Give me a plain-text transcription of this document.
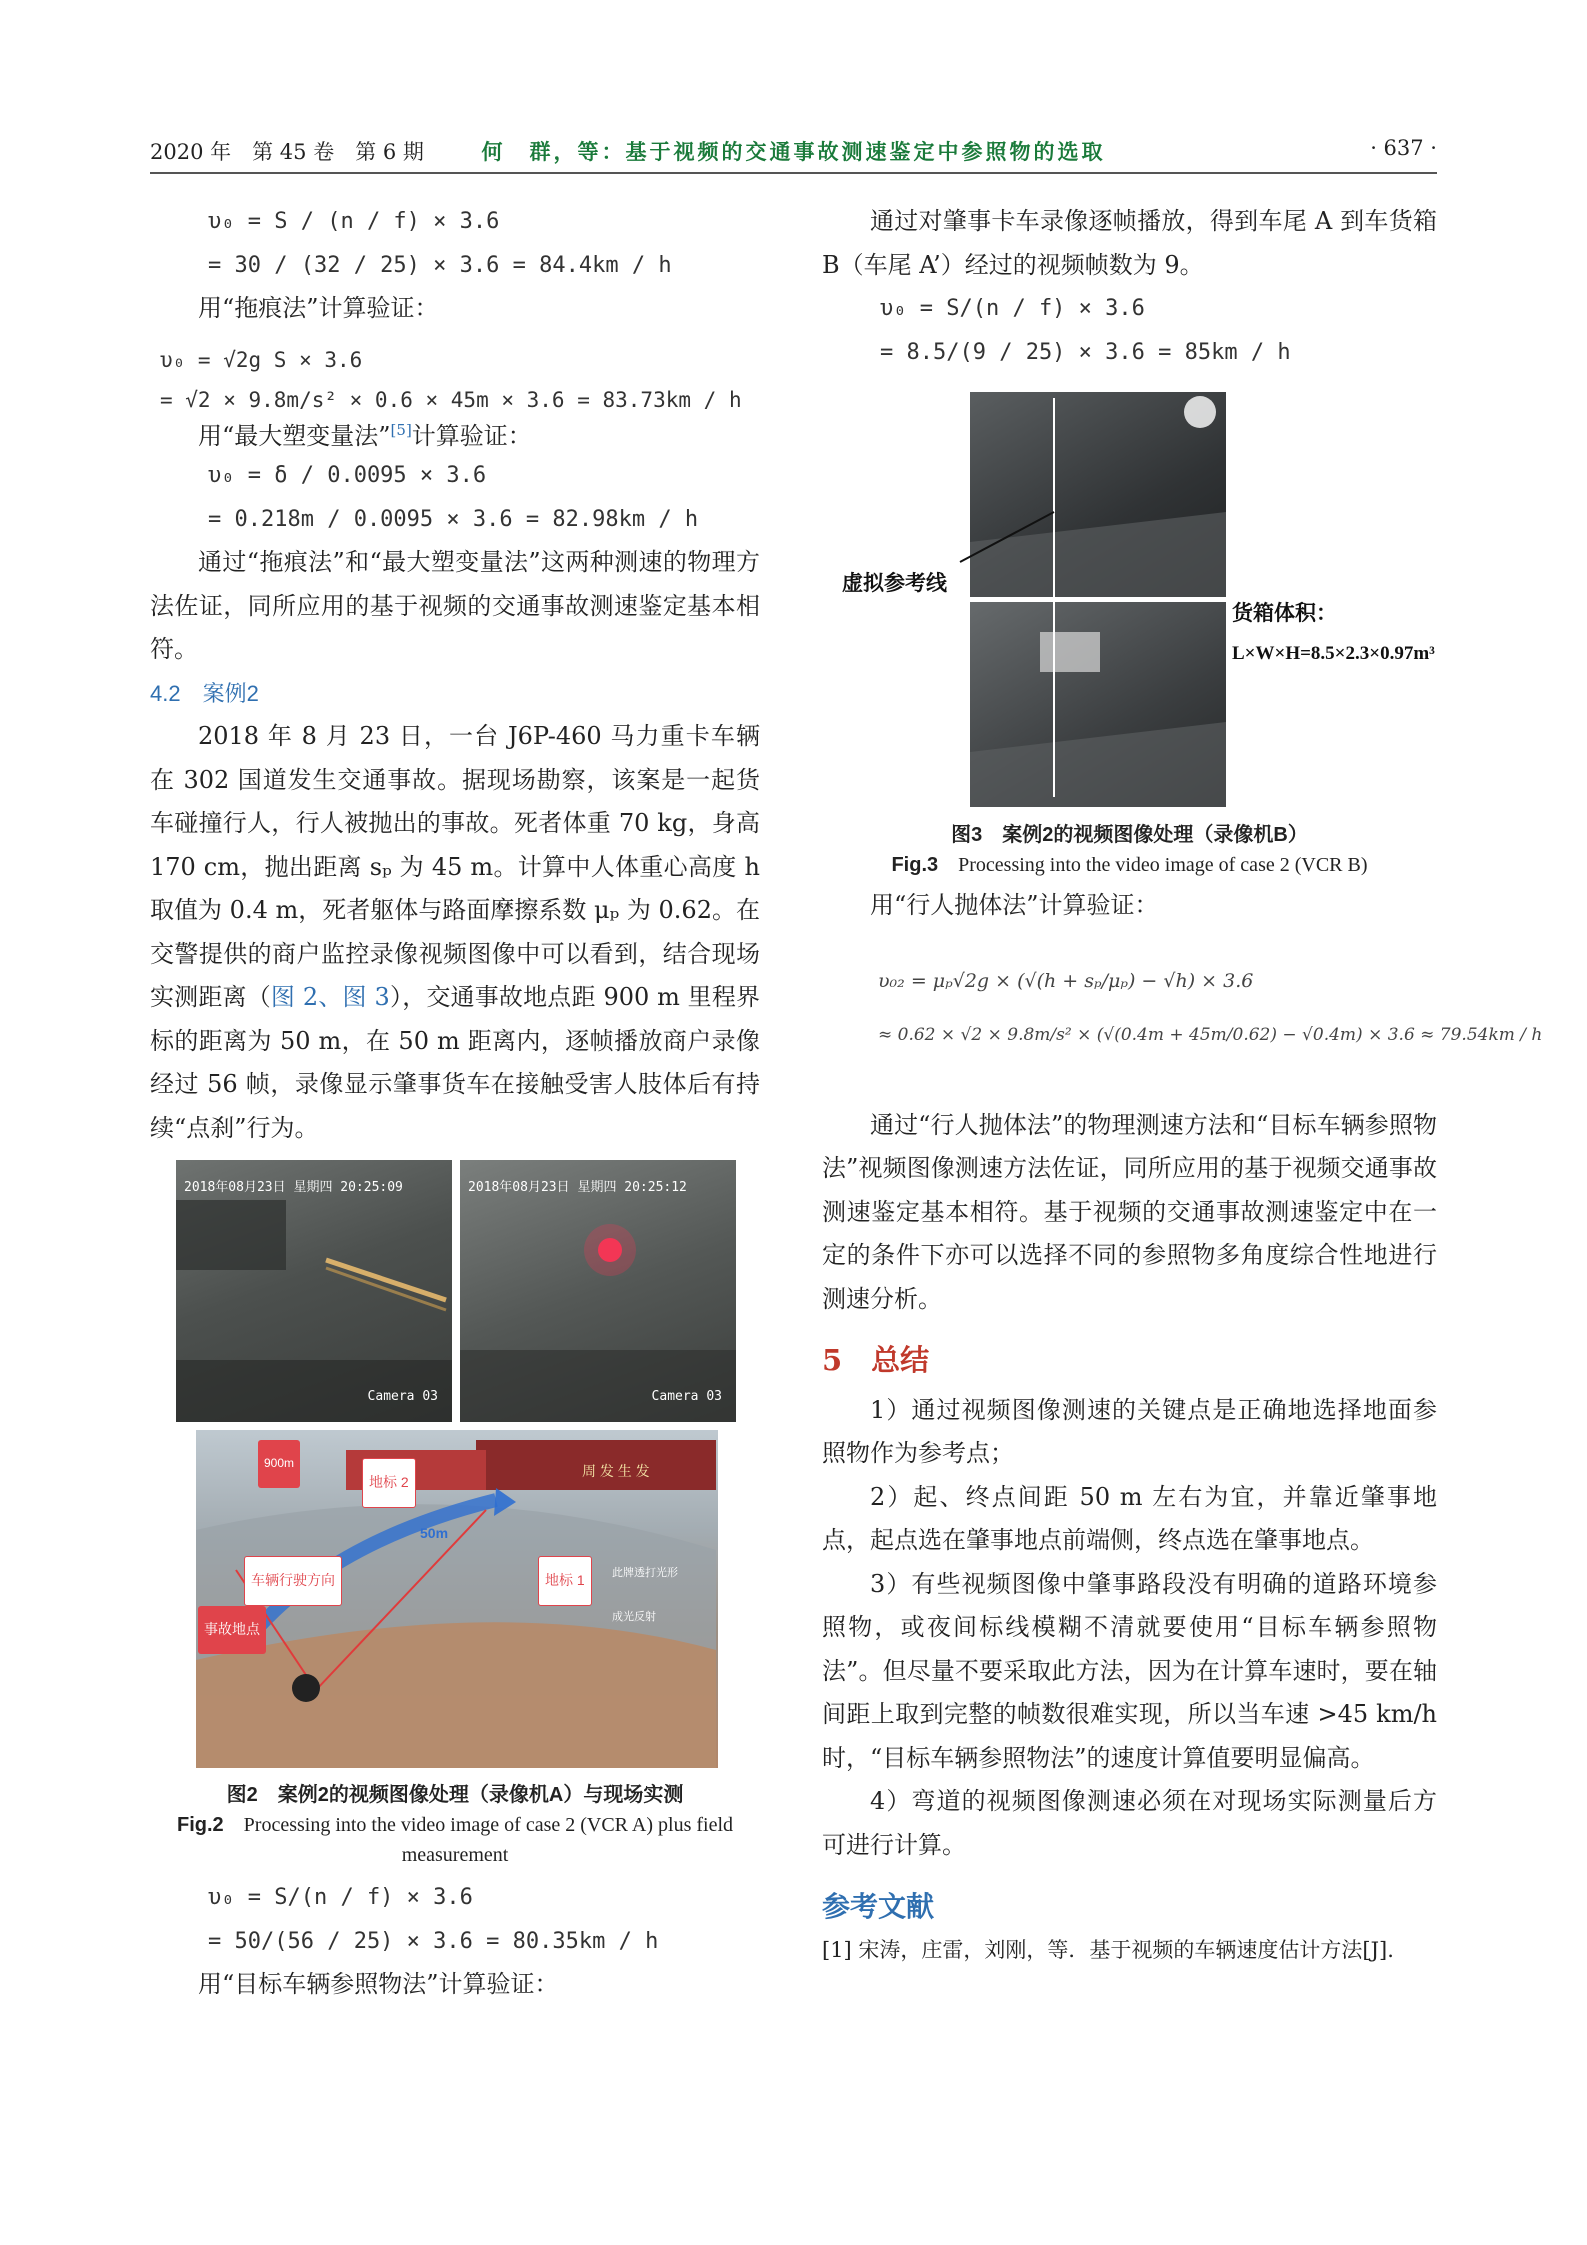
2020 年　第 45 卷　第 6 期	何　群，等：基于视频的交通事故测速鉴定中参照物的选取	· 637 ·

υ₀ = S / (n / f) × 3.6

= 30 / (32 / 25) × 3.6 = 84.4km / h

用“拖痕法”计算验证：

υ₀ = √2g S × 3.6

= √2 × 9.8m/s² × 0.6 × 45m × 3.6 = 83.73km / h

用“最大塑变量法”[5]计算验证：

υ₀ = δ / 0.0095 × 3.6

= 0.218m / 0.0095 × 3.6 = 82.98km / h

通过“拖痕法”和“最大塑变量法”这两种测速的物理方法佐证，同所应用的基于视频的交通事故测速鉴定基本相符。

4.2　案例2

2018 年 8 月 23 日，一台 J6P-460 马力重卡车辆在 302 国道发生交通事故。据现场勘察，该案是一起货车碰撞行人，行人被抛出的事故。死者体重 70 kg，身高 170 cm，抛出距离 sₚ 为 45 m。计算中人体重心高度 h 取值为 0.4 m，死者躯体与路面摩擦系数 μₚ 为 0.62。在交警提供的商户监控录像视频图像中可以看到，结合现场实测距离（图 2、图 3），交通事故地点距 900 m 里程界标的距离为 50 m，在 50 m 距离内，逐帧播放商户录像经过 56 帧，录像显示肇事货车在接触受害人肢体后有持续“点刹”行为。

2018年08月23日 星期四 20:25:09
Camera 03
2018年08月23日 星期四 20:25:12
Camera 03
900m
地标 2
周 发 生 发
50m
车辆行驶方向	地标 1	此牌透打光形成光反射
事故地点

图2　案例2的视频图像处理（录像机A）与现场实测

Fig.2　 Processing into the video image of case 2 (VCR A) plus field measurement

υ₀ = S/(n / f) × 3.6

= 50/(56 / 25) × 3.6 = 80.35km / h

用“目标车辆参照物法”计算验证：

通过对肇事卡车录像逐帧播放，得到车尾 A 到车货箱 B（车尾 A’）经过的视频帧数为 9。

υ₀ = S/(n / f) × 3.6

= 8.5/(9 / 25) × 3.6 = 85km / h

虚拟参考线
货箱体积：
L×W×H=8.5×2.3×0.97m³

图3　案例2的视频图像处理（录像机B）

Fig.3　 Processing into the video image of case 2 (VCR B)

用“行人抛体法”计算验证：

υ₀₂ = μₚ√2g × (√(h + sₚ/μₚ) − √h) × 3.6

≈ 0.62 × √2 × 9.8m/s² × (√(0.4m + 45m/0.62) − √0.4m) × 3.6 ≈ 79.54km / h

通过“行人抛体法”的物理测速方法和“目标车辆参照物法”视频图像测速方法佐证，同所应用的基于视频交通事故测速鉴定基本相符。基于视频的交通事故测速鉴定中在一定的条件下亦可以选择不同的参照物多角度综合性地进行测速分析。

5　总结

1）通过视频图像测速的关键点是正确地选择地面参照物作为参考点；

2）起、终点间距 50 m 左右为宜，并靠近肇事地点，起点选在肇事地点前端侧，终点选在肇事地点。

3）有些视频图像中肇事路段没有明确的道路环境参照物，或夜间标线模糊不清就要使用“目标车辆参照物法”。但尽量不要采取此方法，因为在计算车速时，要在轴间距上取到完整的帧数很难实现，所以当车速 >45 km/h 时，“目标车辆参照物法”的速度计算值要明显偏高。

4）弯道的视频图像测速必须在对现场实际测量后方可进行计算。

参考文献

[1] 宋涛，庄雷，刘刚，等．基于视频的车辆速度估计方法[J].
